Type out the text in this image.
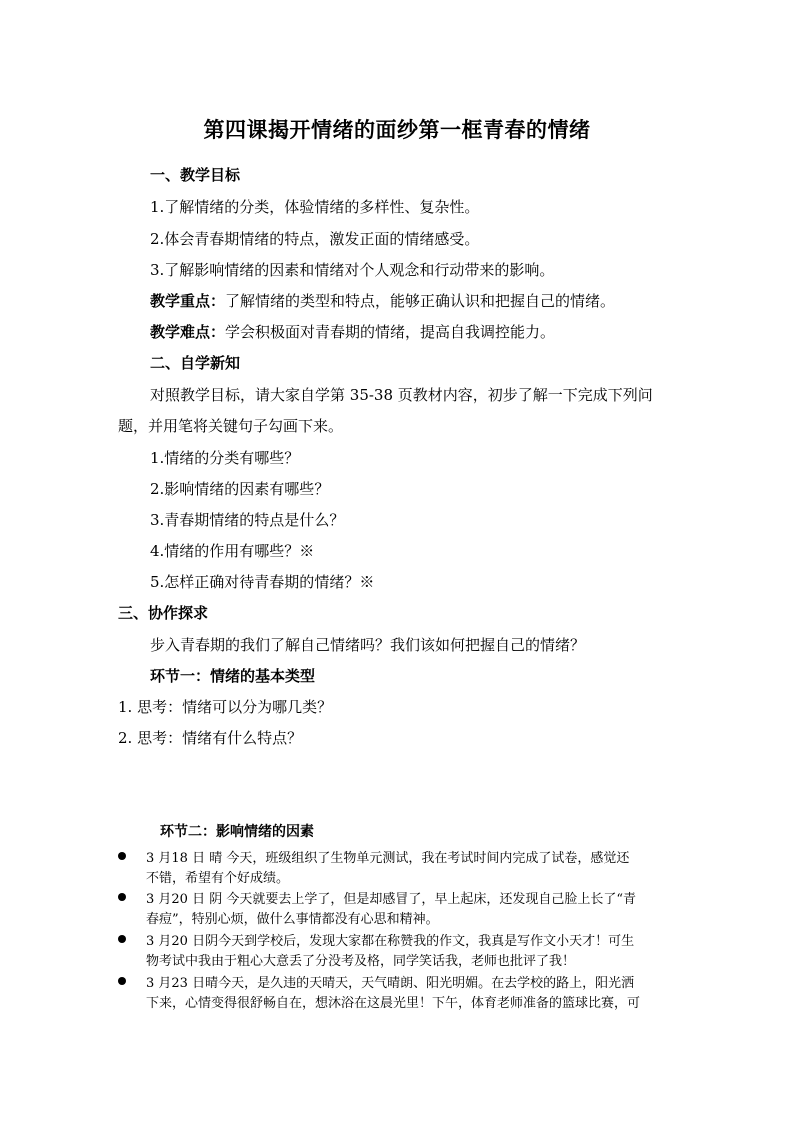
第四课揭开情绪的面纱第一框青春的情绪
一、教学目标
1.了解情绪的分类，体验情绪的多样性、复杂性。
2.体会青春期情绪的特点，激发正面的情绪感受。
3.了解影响情绪的因素和情绪对个人观念和行动带来的影响。
教学重点：了解情绪的类型和特点，能够正确认识和把握自己的情绪。
教学难点：学会积极面对青春期的情绪，提高自我调控能力。
二、自学新知
对照教学目标，请大家自学第 35-38 页教材内容，初步了解一下完成下列问
题，并用笔将关键句子勾画下来。
1.情绪的分类有哪些？
2.影响情绪的因素有哪些？
3.青春期情绪的特点是什么？
4.情绪的作用有哪些？※
5.怎样正确对待青春期的情绪？※
三、协作探求
步入青春期的我们了解自己情绪吗？我们该如何把握自己的情绪？
环节一：情绪的基本类型
1. 思考：情绪可以分为哪几类？
2. 思考：情绪有什么特点？
环节二：影响情绪的因素
3 月18 日 晴 今天，班级组织了生物单元测试，我在考试时间内完成了试卷，感觉还
不错，希望有个好成绩。
3 月20 日 阴 今天就要去上学了，但是却感冒了，早上起床，还发现自己脸上长了“青
春痘”，特别心烦，做什么事情都没有心思和精神。
3 月20 日阴今天到学校后，发现大家都在称赞我的作文，我真是写作文小天才！可生
物考试中我由于粗心大意丢了分没考及格，同学笑话我，老师也批评了我！
3 月23 日晴今天，是久违的天晴天，天气晴朗、阳光明媚。在去学校的路上，阳光洒
下来，心情变得很舒畅自在，想沐浴在这晨光里！下午，体育老师准备的篮球比赛，可
